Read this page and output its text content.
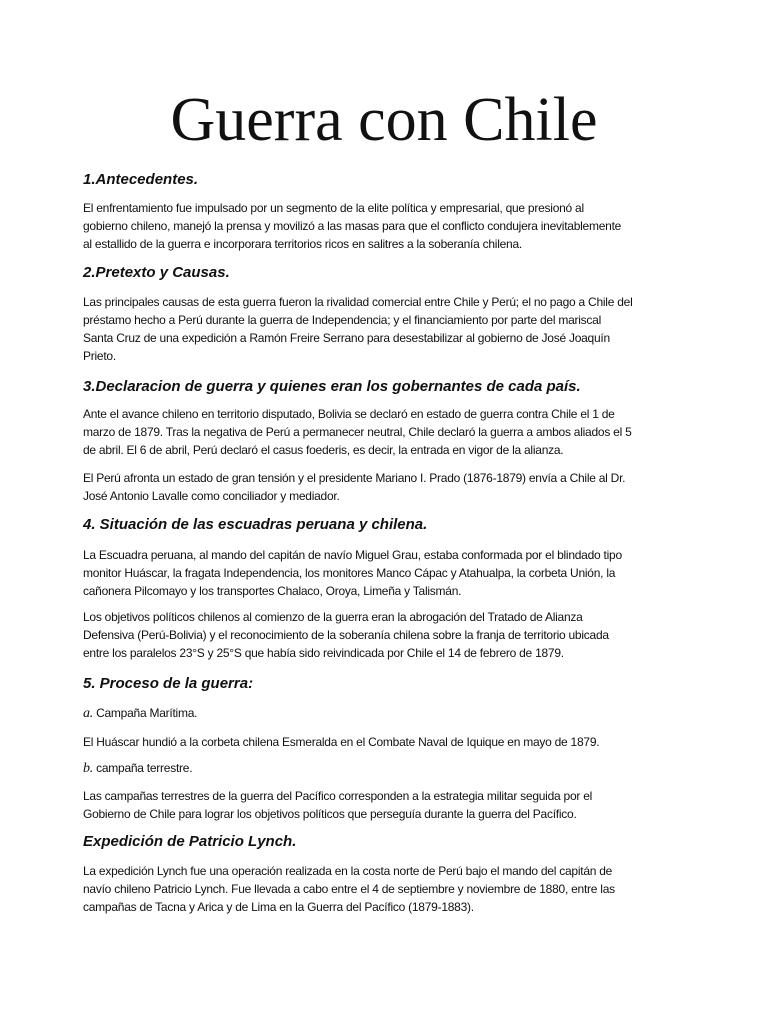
Guerra con Chile
1.Antecedentes.
El enfrentamiento fue impulsado por un segmento de la elite política y empresarial, que presionó al
gobierno chileno, manejó la prensa y movilizó a las masas para que el conflicto condujera inevitablemente
al estallido de la guerra e incorporara territorios ricos en salitres a la soberanía chilena.
2.Pretexto y Causas.
Las principales causas de esta guerra fueron la rivalidad comercial entre Chile y Perú; el no pago a Chile del
préstamo hecho a Perú durante la guerra de Independencia; y el financiamiento por parte del mariscal
Santa Cruz de una expedición a Ramón Freire Serrano para desestabilizar al gobierno de José Joaquín
Prieto.
3.Declaracion de guerra y quienes eran los gobernantes de cada país.
Ante el avance chileno en territorio disputado, Bolivia se declaró en estado de guerra contra Chile el 1 de
marzo de 1879. Tras la negativa de Perú a permanecer neutral, Chile declaró la guerra a ambos aliados el 5
de abril. El 6 de abril, Perú declaró el casus foederis, es decir, la entrada en vigor de la alianza.
El Perú afronta un estado de gran tensión y el presidente Mariano I. Prado (1876-1879) envía a Chile al Dr.
José Antonio Lavalle como conciliador y mediador.
4. Situación de las escuadras peruana y chilena.
La Escuadra peruana, al mando del capitán de navío Miguel Grau, estaba conformada por el blindado tipo
monitor Huáscar, la fragata Independencia, los monitores Manco Cápac y Atahualpa, la corbeta Unión, la
cañonera Pilcomayo y los transportes Chalaco, Oroya, Limeña y Talismán.
Los objetivos políticos chilenos al comienzo de la guerra eran la abrogación del Tratado de Alianza
Defensiva (Perú-Bolivia) y el reconocimiento de la soberanía chilena sobre la franja de territorio ubicada
entre los paralelos 23°S y 25°S que había sido reivindicada por Chile el 14 de febrero de 1879.
5. Proceso de la guerra:
a. Campaña Marítima.
El Huáscar hundió a la corbeta chilena Esmeralda en el Combate Naval de Iquique en mayo de 1879.
b. campaña terrestre.
Las campañas terrestres de la guerra del Pacífico corresponden a la estrategia militar seguida por el
Gobierno de Chile para lograr los objetivos políticos que perseguía durante la guerra del Pacífico.
Expedición de Patricio Lynch.
La expedición Lynch fue una operación realizada en la costa norte de Perú bajo el mando del capitán de
navío chileno Patricio Lynch. Fue llevada a cabo entre el 4 de septiembre y noviembre de 1880, entre las
campañas de Tacna y Arica y de Lima en la Guerra del Pacífico (1879-1883).
